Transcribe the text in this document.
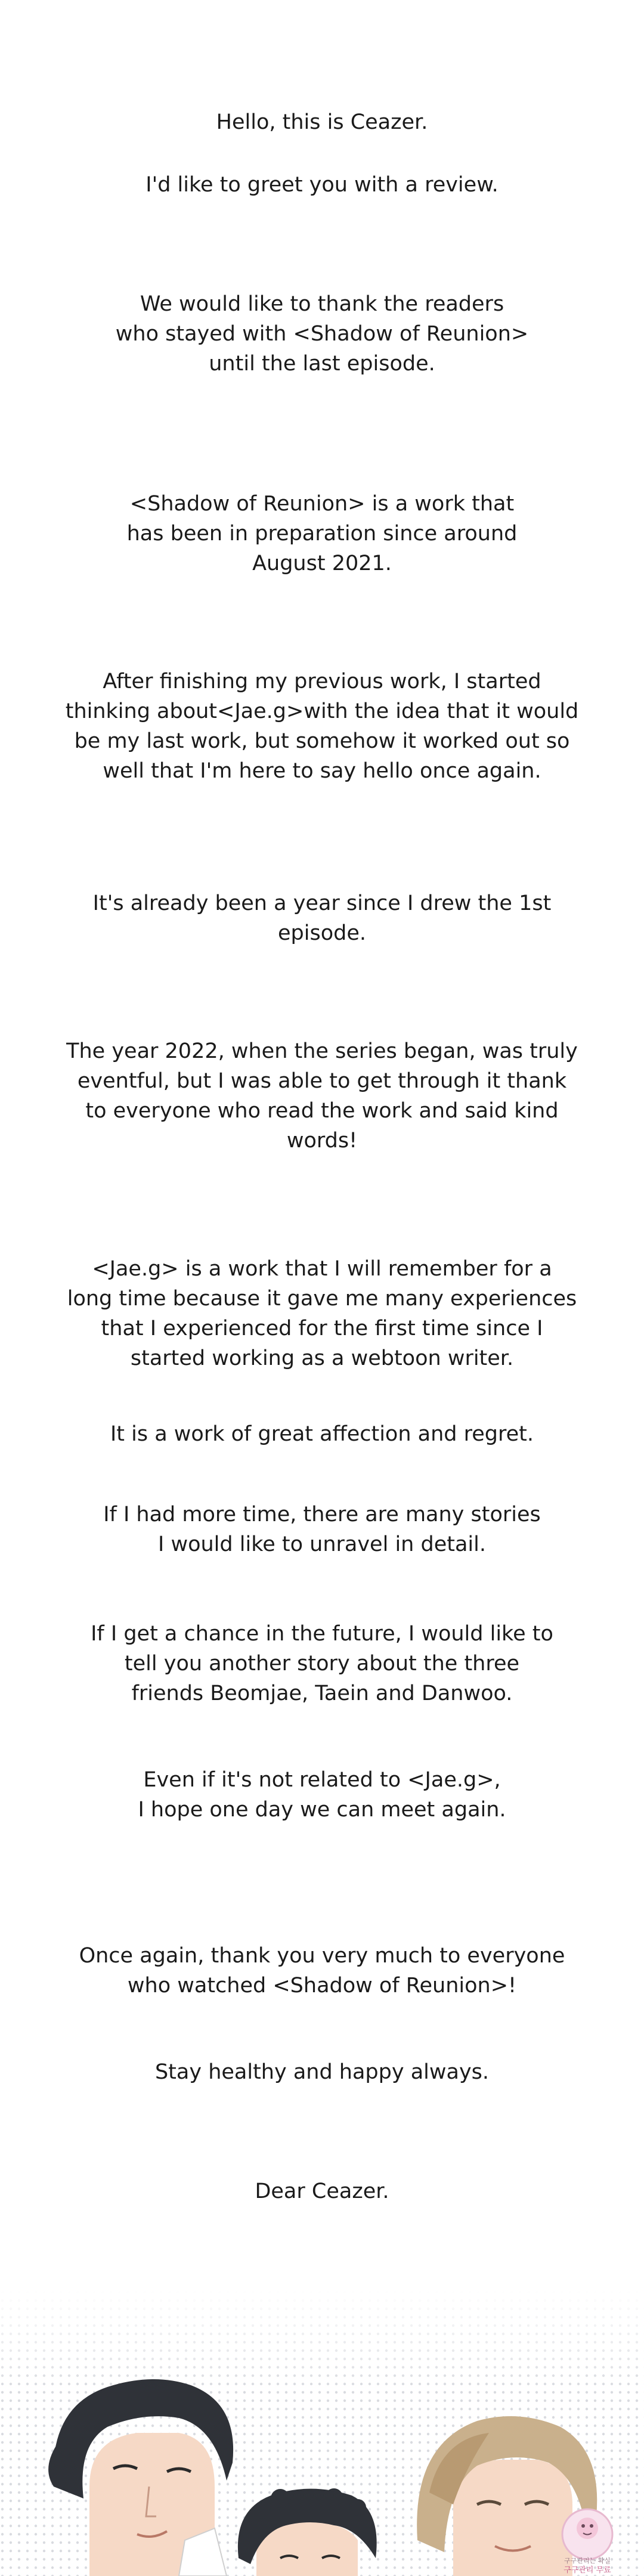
Hello, this is Ceazer.

I'd like to greet you with a review.

We would like to thank the readers
who stayed with <Shadow of Reunion>
until the last episode.

<Shadow of Reunion> is a work that
has been in preparation since around
August 2021.

After finishing my previous work, I started
thinking about<Jae.g>with the idea that it would
be my last work, but somehow it worked out so
well that I'm here to say hello once again.

It's already been a year since I drew the 1st
episode.

The year 2022, when the series began, was truly
eventful, but I was able to get through it thank
to everyone who read the work and said kind
words!

<Jae.g> is a work that I will remember for a
long time because it gave me many experiences
that I experienced for the first time since I
started working as a webtoon writer.

It is a work of great affection and regret.

If I had more time, there are many stories
I would like to unravel in detail.

If I get a chance in the future, I would like to
tell you another story about the three
friends Beomjae, Taein and Danwoo.

Even if it's not related to <Jae.g>,
I hope one day we can meet again.

Once again, thank you very much to everyone
who watched <Shadow of Reunion>!

Stay healthy and happy always.

Dear Ceazer.

구구관리는 확실
구구관리 무료
